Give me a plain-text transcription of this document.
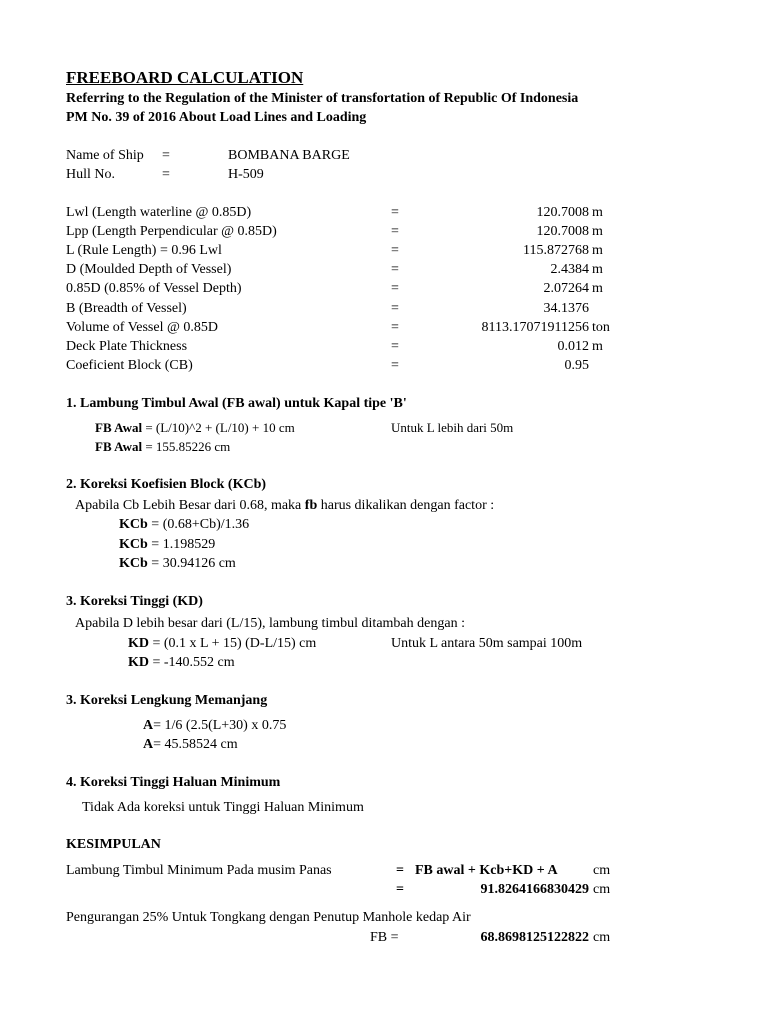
FREEBOARD CALCULATION
Referring to the Regulation of the Minister of transfortation of Republic Of Indonesia
PM No. 39 of 2016 About Load Lines and Loading
Name of Ship =	BOMBANA BARGE
Hull No.	=	H-509
Lwl (Length waterline @ 0.85D)	=	120.7008 m
Lpp (Length Perpendicular @ 0.85D)	=	120.7008 m
L (Rule Length) = 0.96 Lwl	=	115.872768 m
D (Moulded Depth of Vessel)	=	2.4384 m
0.85D (0.85% of Vessel Depth)	=	2.07264 m
B (Breadth of Vessel)	=	34.1376
Volume of Vessel @ 0.85D	=	8113.17071911256 ton
Deck Plate Thickness	=	0.012 m
Coeficient Block (CB)	=	0.95
1. Lambung Timbul Awal (FB awal) untuk Kapal tipe 'B'
FB Awal = (L/10)^2 + (L/10) + 10 cm	Untuk L lebih dari 50m
FB Awal = 155.85226 cm
2. Koreksi Koefisien Block (KCb)
Apabila Cb Lebih Besar dari 0.68, maka fb harus dikalikan dengan factor :
KCb = (0.68+Cb)/1.36
KCb = 1.198529
KCb = 30.94126 cm
3. Koreksi Tinggi (KD)
Apabila D lebih besar dari (L/15), lambung timbul ditambah dengan :
KD = (0.1 x L + 15) (D-L/15) cm	Untuk L antara 50m sampai 100m
KD = -140.552 cm
3. Koreksi Lengkung Memanjang
A= 1/6 (2.5(L+30) x 0.75
A= 45.58524 cm
4. Koreksi Tinggi Haluan Minimum
Tidak Ada koreksi untuk Tinggi Haluan Minimum
KESIMPULAN
Lambung Timbul Minimum Pada musim Panas	= FB awal + Kcb+KD + A	cm
=	91.8264166830429 cm
Pengurangan 25% Untuk Tongkang dengan Penutup Manhole kedap Air
FB =	68.8698125122822 cm
